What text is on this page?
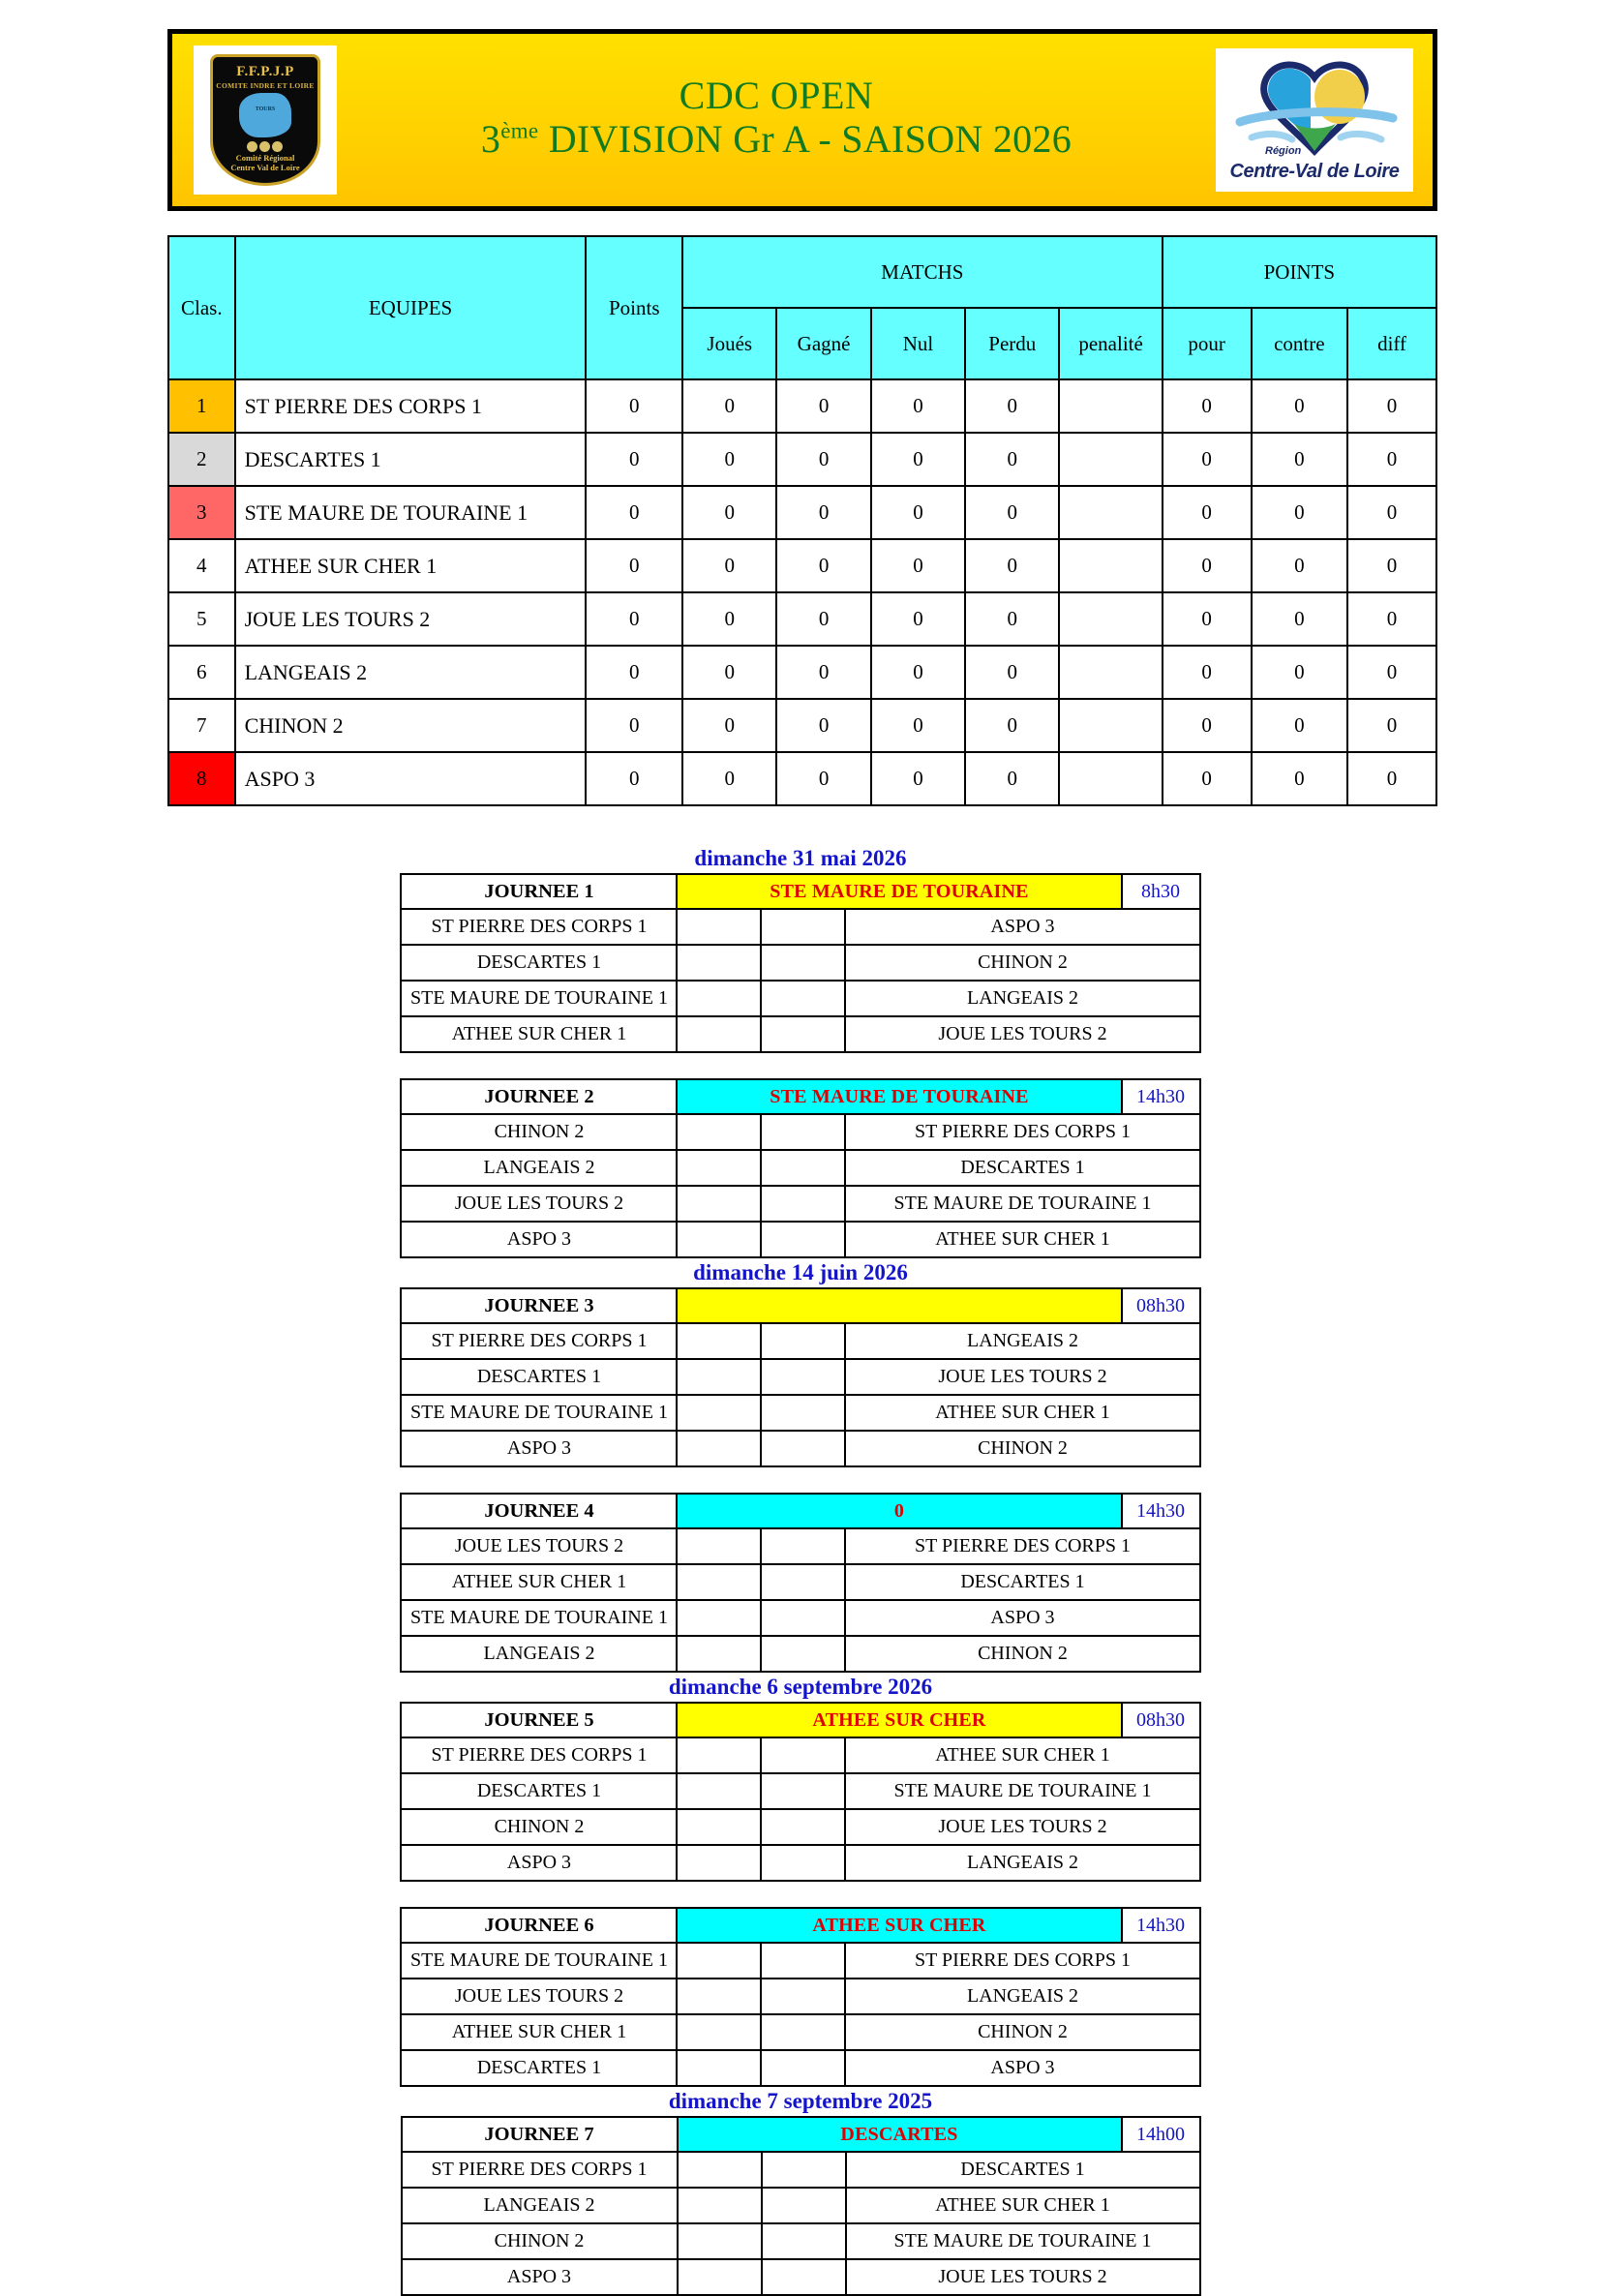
F.F.P.J.P
COMITE INDRE ET LOIRE
TOURS
Comité Régional
Centre Val de Loire
CDC OPEN
3ème DIVISION Gr A - SAISON 2026	Région
Centre-Val de Loire
Clas.	EQUIPES	Points	MATCHS					POINTS		
			Joués	Gagné	Nul	Perdu	penalité	pour	contre	diff
1	ST PIERRE DES CORPS 1	0	0	0	0	0		0	0	0
2	DESCARTES 1	0	0	0	0	0		0	0	0
3	STE MAURE DE TOURAINE 1	0	0	0	0	0		0	0	0
4	ATHEE SUR CHER 1	0	0	0	0	0		0	0	0
5	JOUE LES TOURS 2	0	0	0	0	0		0	0	0
6	LANGEAIS 2	0	0	0	0	0		0	0	0
7	CHINON 2	0	0	0	0	0		0	0	0
8	ASPO 3	0	0	0	0	0		0	0	0
dimanche 31 mai 2026
JOURNEE 1	STE MAURE DE TOURAINE			8h30
ST PIERRE DES CORPS 1			ASPO 3	
DESCARTES 1			CHINON 2	
STE MAURE DE TOURAINE 1			LANGEAIS 2	
ATHEE SUR CHER 1			JOUE LES TOURS 2	
JOURNEE 2	STE MAURE DE TOURAINE			14h30
CHINON 2			ST PIERRE DES CORPS 1	
LANGEAIS 2			DESCARTES 1	
JOUE LES TOURS 2			STE MAURE DE TOURAINE 1	
ASPO 3			ATHEE SUR CHER 1	
dimanche 14 juin 2026
JOURNEE 3				08h30
ST PIERRE DES CORPS 1			LANGEAIS 2	
DESCARTES 1			JOUE LES TOURS 2	
STE MAURE DE TOURAINE 1			ATHEE SUR CHER 1	
ASPO 3			CHINON 2	
JOURNEE 4	0			14h30
JOUE LES TOURS 2			ST PIERRE DES CORPS 1	
ATHEE SUR CHER 1			DESCARTES 1	
STE MAURE DE TOURAINE 1			ASPO 3	
LANGEAIS 2			CHINON 2	
dimanche 6 septembre 2026
JOURNEE 5	ATHEE SUR CHER			08h30
ST PIERRE DES CORPS 1			ATHEE SUR CHER 1	
DESCARTES 1			STE MAURE DE TOURAINE 1	
CHINON 2			JOUE LES TOURS 2	
ASPO 3			LANGEAIS 2	
JOURNEE 6	ATHEE SUR CHER			14h30
STE MAURE DE TOURAINE 1			ST PIERRE DES CORPS 1	
JOUE LES TOURS 2			LANGEAIS 2	
ATHEE SUR CHER 1			CHINON 2	
DESCARTES 1			ASPO 3	
dimanche 7 septembre 2025
JOURNEE 7	DESCARTES			14h00
ST PIERRE DES CORPS 1			DESCARTES 1	
LANGEAIS 2			ATHEE SUR CHER 1	
CHINON 2			STE MAURE DE TOURAINE 1	
ASPO 3			JOUE LES TOURS 2	
